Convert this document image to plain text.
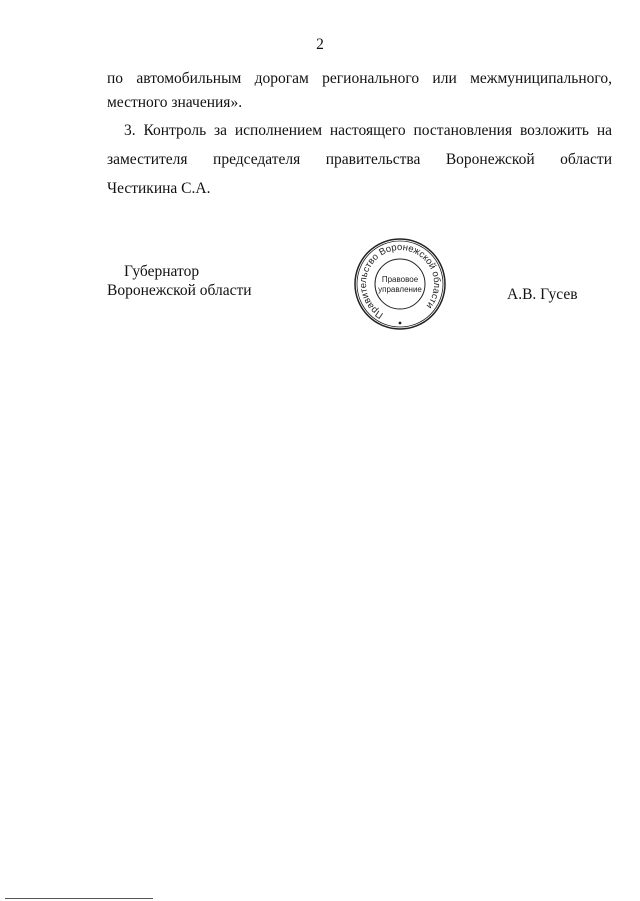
2
по автомобильным дорогам регионального или межмуниципального,
местного значения».
3. Контроль за исполнением настоящего постановления возложить на
заместителя председателя правительства Воронежской области
Честикина С.А.
Губернатор
Воронежской области	А.В. Гусев
Правительство Воронежской области
Правовое
управление
